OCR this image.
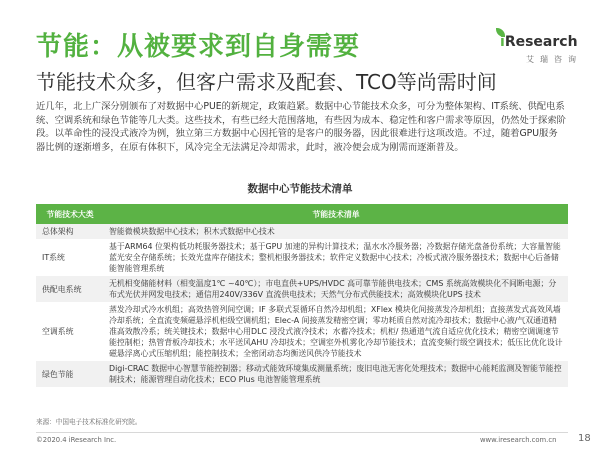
节能：从被要求到自身需要
节能技术众多，但客户需求及配套、TCO等尚需时间
iResearch
艾瑞咨询
近几年，北上广深分别颁布了对数据中心PUE的新规定，政策趋紧。数据中心节能技术众多，可分为整体架构、IT系统、供配电系统、空调系统和绿色节能等几大类。这些技术，有些已经大范围落地，有些因为成本、稳定性和客户需求等原因，仍然处于探索阶段。以革命性的浸没式液冷为例，独立第三方数据中心因托管的是客户的服务器，因此很难进行这项改造。不过，随着GPU服务器比例的逐渐增多，在原有体积下，风冷完全无法满足冷却需求，此时，液冷便会成为刚需而逐渐普及。
数据中心节能技术清单
节能技术大类	节能技术清单
总体架构	智能微模块数据中心技术；积木式数据中心技术
IT系统	基于ARM64 位架构低功耗服务器技术；基于GPU 加速的异构计算技术；温水水冷服务器；冷数据存储光盘备份系统；大容量智能蓝光安全存储系统；长效光盘库存储技术；整机柜服务器技术；软件定义数据中心技术；冷板式液冷服务器技术；数据中心后备储能智能管理系统
供配电系统	无机相变储能材料（相变温度1℃ ~40℃）；市电直供+UPS/HVDC 高可靠节能供电技术；CMS 系统高效模块化不间断电源；分布式光伏并网发电技术；通信用240V/336V 直流供电技术；天然气分布式供能技术；高效模块化UPS 技术
空调系统	蒸发冷却式冷水机组；高效热管列间空调；IF 多联式泵循环自然冷却机组；XFlex 模块化间接蒸发冷却机组；直接蒸发式高效风墙冷却系统；全直流变频磁悬浮机柜级空调机组；Elec-A 间接蒸发精密空调；零功耗质自然对流冷却技术；数据中心液/气双通道精准高效散冷系；统关键技术；数据中心用DLC 浸没式液冷技术；水蓄冷技术；机柜/ 热通道气流自适应优化技术；精密空调调速节能控制柜；热管背板冷却技术；水平送风AHU 冷却技术；空调室外机雾化冷却节能技术；直流变频行级空调技术；低压比优化设计磁悬浮离心式压缩机组；能控制技术；全密闭动态均衡送风供冷节能技术
绿色节能	Digi-CRAC 数据中心智慧节能控制器；移动式能效环境集成测量系统；废旧电池无害化处理技术；数据中心能耗监测及智能节能控制技术；能源管理自动化技术；ECO Plus 电池智能管理系统
来源：中国电子技术标准化研究院。
©2020.4 iResearch Inc.	www.iresearch.com.cn 18
